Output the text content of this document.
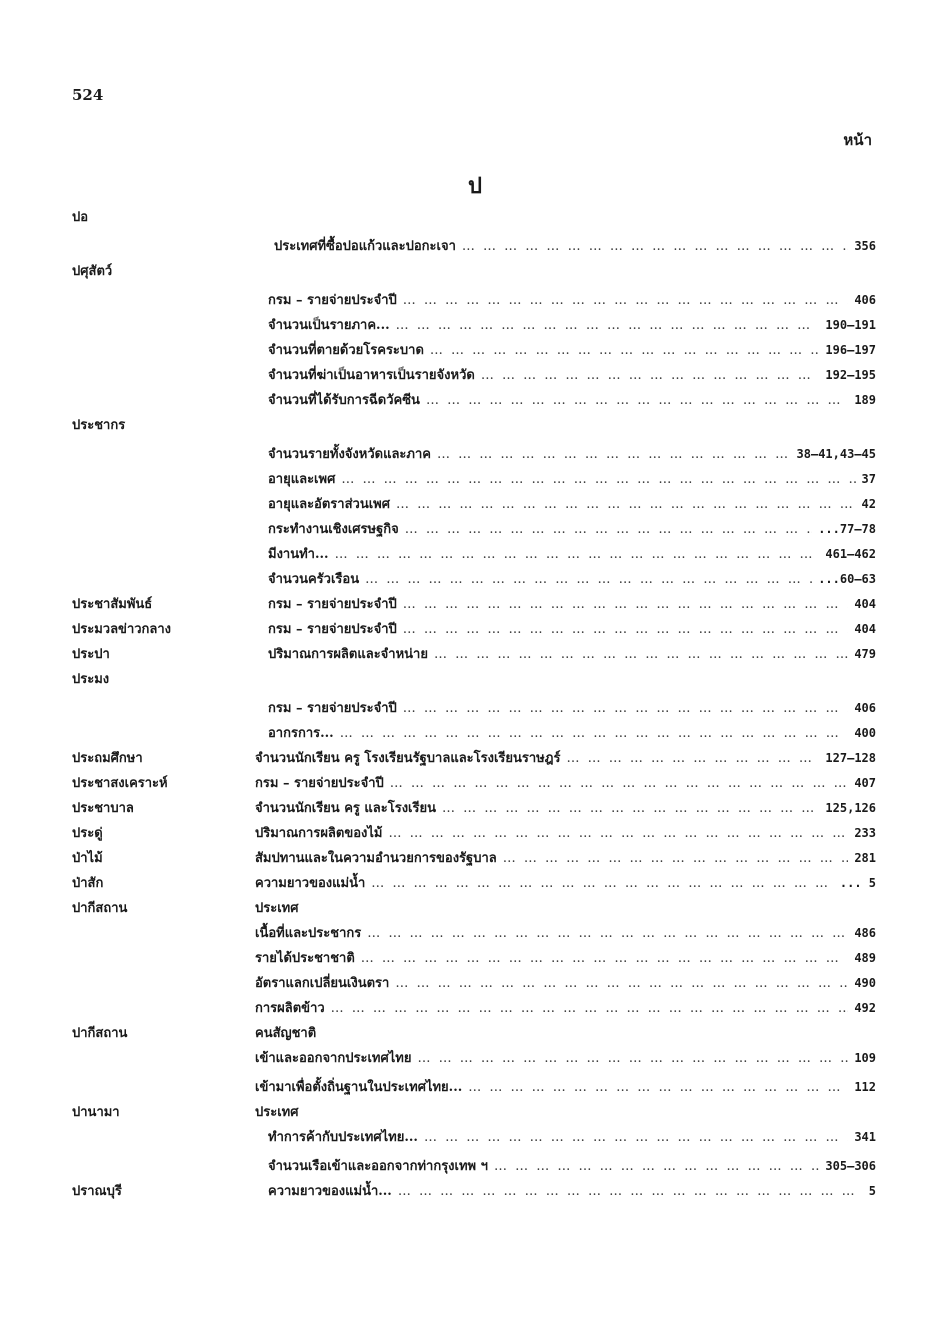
524
หน้า
ป
ปอ
ประเทศที่ซื้อปอแก้วและปอกะเจา … … … … … … … … … … … … … … … … … … … … … … … … … … … … … … … … … … … … … … … …	356
ปศุสัตว์
กรม – รายจ่ายประจำปี … … … … … … … … … … … … … … … … … … … … … … … … … … … … … … … … … … … … … … … …	406
จำนวนเป็นรายภาค... … … … … … … … … … … … … … … … … … … … … … … … … … … … … … … … … … … … … … … … …	190–191
จำนวนที่ตายด้วยโรคระบาด … … … … … … … … … … … … … … … … … … … … … … … … … … … … … … … … … … … … … … … …	196–197
จำนวนที่ฆ่าเป็นอาหารเป็นรายจังหวัด … … … … … … … … … … … … … … … … … … … … … … … … … … … … … … … … … … … … … … … …	192–195
จำนวนที่ได้รับการฉีดวัคซีน … … … … … … … … … … … … … … … … … … … … … … … … … … … … … … … … … … … … … … … …	189
ประชากร
จำนวนรายทั้งจังหวัดและภาค … … … … … … … … … … … … … … … … … … … … … … … … … … … … … … … … … … … … … … … …	38–41,43–45
อายุและเพศ … … … … … … … … … … … … … … … … … … … … … … … … … … … … … … … … … … … … … … … …	37
อายุและอัตราส่วนเพศ … … … … … … … … … … … … … … … … … … … … … … … … … … … … … … … … … … … … … … … …	42
กระทำงานเชิงเศรษฐกิจ … … … … … … … … … … … … … … … … … … … … … … … … … … … … … … … … … … … … … … … …	...77–78
มีงานทำ... … … … … … … … … … … … … … … … … … … … … … … … … … … … … … … … … … … … … … … … …	461–462
จำนวนครัวเรือน … … … … … … … … … … … … … … … … … … … … … … … … … … … … … … … … … … … … … … … …	...60–63
ประชาสัมพันธ์	กรม – รายจ่ายประจำปี … … … … … … … … … … … … … … … … … … … … … … … … … … … … … … … … … … … … … … … …	404
ประมวลข่าวกลาง	กรม – รายจ่ายประจำปี … … … … … … … … … … … … … … … … … … … … … … … … … … … … … … … … … … … … … … … …	404
ประปา	ปริมาณการผลิตและจำหน่าย … … … … … … … … … … … … … … … … … … … … … … … … … … … … … … … … … … … … … … … …	479
ประมง
กรม – รายจ่ายประจำปี … … … … … … … … … … … … … … … … … … … … … … … … … … … … … … … … … … … … … … … …	406
อากรการ... … … … … … … … … … … … … … … … … … … … … … … … … … … … … … … … … … … … … … … … …	400
ประถมศึกษา	จำนวนนักเรียน ครู โรงเรียนรัฐบาลและโรงเรียนราษฎร์ … … … … … … … … … … … … … … … … … … … … … … … … … … … … … … … … … … … … … … … …	127–128
ประชาสงเคราะห์	กรม – รายจ่ายประจำปี … … … … … … … … … … … … … … … … … … … … … … … … … … … … … … … … … … … … … … … …	407
ประชาบาล	จำนวนนักเรียน ครู และโรงเรียน … … … … … … … … … … … … … … … … … … … … … … … … … … … … … … … … … … … … … … … …	125,126
ประดู่	ปริมาณการผลิตของไม้ … … … … … … … … … … … … … … … … … … … … … … … … … … … … … … … … … … … … … … … …	233
ป่าไม้	สัมปทานและในความอำนวยการของรัฐบาล … … … … … … … … … … … … … … … … … … … … … … … … … … … … … … … … … … … … … … … …	281
ป่าสัก	ความยาวของแม่น้ำ … … … … … … … … … … … … … … … … … … … … … … … … … … … … … … … … … … … … … … … …	... 5
ปากีสถาน	ประเทศ
เนื้อที่และประชากร … … … … … … … … … … … … … … … … … … … … … … … … … … … … … … … … … … … … … … … …	486
รายได้ประชาชาติ … … … … … … … … … … … … … … … … … … … … … … … … … … … … … … … … … … … … … … … …	489
อัตราแลกเปลี่ยนเงินตรา … … … … … … … … … … … … … … … … … … … … … … … … … … … … … … … … … … … … … … … …	490
การผลิตข้าว … … … … … … … … … … … … … … … … … … … … … … … … … … … … … … … … … … … … … … … …	492
ปากีสถาน	คนสัญชาติ
เข้าและออกจากประเทศไทย … … … … … … … … … … … … … … … … … … … … … … … … … … … … … … … … … … … … … … … …	109
เข้ามาเพื่อตั้งถิ่นฐานในประเทศไทย... … … … … … … … … … … … … … … … … … … … … … … … … … … … … … … … … … … … … … … … …	112
ปานามา	ประเทศ
ทำการค้ากับประเทศไทย... … … … … … … … … … … … … … … … … … … … … … … … … … … … … … … … … … … … … … … … …	341
จำนวนเรือเข้าและออกจากท่ากรุงเทพ ฯ … … … … … … … … … … … … … … … … … … … … … … … … … … … … … … … … … … … … … … … …	305–306
ปราณบุรี	ความยาวของแม่น้ำ... … … … … … … … … … … … … … … … … … … … … … … … … … … … … … … … … … … … … … … … …	5
